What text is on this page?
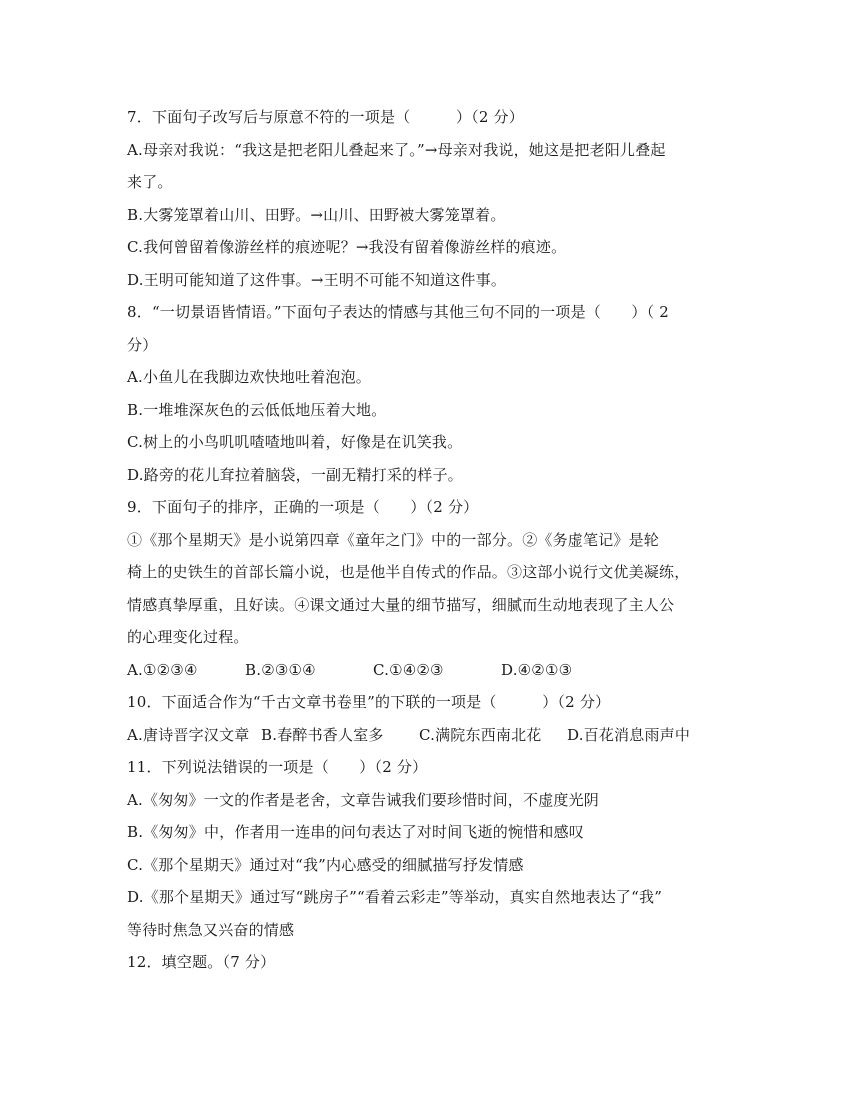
7．下面句子改写后与原意不符的一项是（　　　）（2 分）
A.母亲对我说：“我这是把老阳儿叠起来了。”→母亲对我说，她这是把老阳儿叠起
来了。
B.大雾笼罩着山川、田野。→山川、田野被大雾笼罩着。
C.我何曾留着像游丝样的痕迹呢？→我没有留着像游丝样的痕迹。
D.王明可能知道了这件事。→王明不可能不知道这件事。
8．“一切景语皆情语。”下面句子表达的情感与其他三句不同的一项是（　　）（ 2
分）
A.小鱼儿在我脚边欢快地吐着泡泡。
B.一堆堆深灰色的云低低地压着大地。
C.树上的小鸟叽叽喳喳地叫着，好像是在讥笑我。
D.路旁的花儿耷拉着脑袋，一副无精打采的样子。
9．下面句子的排序，正确的一项是（　　）（2 分）
①《那个星期天》是小说第四章《童年之门》中的一部分。②《务虚笔记》是轮
椅上的史铁生的首部长篇小说，也是他半自传式的作品。③这部小说行文优美凝练，
情感真挚厚重，且好读。④课文通过大量的细节描写，细腻而生动地表现了主人公
的心理变化过程。
A.①②③④	B.②③①④	C.①④②③	D.④②①③
10．下面适合作为“千古文章书卷里”的下联的一项是（　　　）（2 分）
A.唐诗晋字汉文章 B.春醉书香人室多 C.满院东西南北花 D.百花消息雨声中
11．下列说法错误的一项是（　　）（2 分）
A.《匆匆》一文的作者是老舍，文章告诫我们要珍惜时间，不虚度光阴
B.《匆匆》中，作者用一连串的问句表达了对时间飞逝的惋惜和感叹
C.《那个星期天》通过对“我”内心感受的细腻描写抒发情感
D.《那个星期天》通过写“跳房子”“看着云彩走”等举动，真实自然地表达了“我”
等待时焦急又兴奋的情感
12．填空题。（7 分）
